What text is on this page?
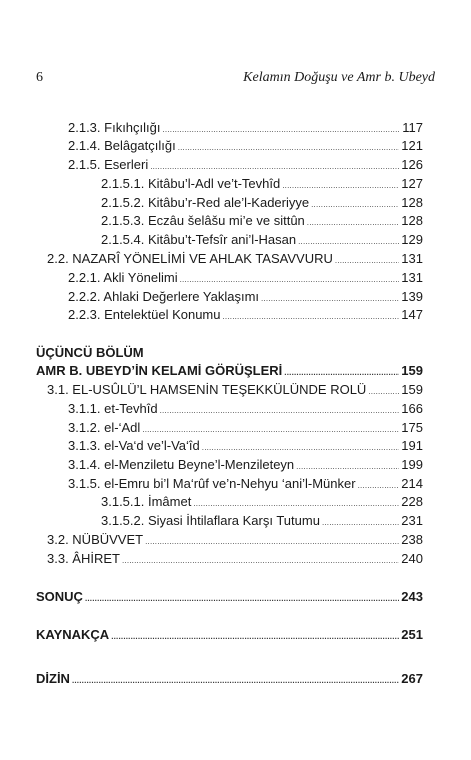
6	Kelamın Doğuşu ve Amr b. Ubeyd
2.1.3. Fıkıhçılığı .....	117
2.1.4. Belâgatçılığı .....	121
2.1.5. Eserleri .....	126
2.1.5.1. Kitâbu’l-Adl ve’t-Tevhîd .....	127
2.1.5.2. Kitâbu’r-Red ale’l-Kaderiyye .....	128
2.1.5.3. Eczâu šelâšu mi’e ve sittûn .....	128
2.1.5.4. Kitâbu’t-Tefsîr ani’l-Hasan .....	129
2.2. NAZARÎ YÖNELİMİ VE AHLAK TASAVVURU .....	131
2.2.1. Akli Yönelimi .....	131
2.2.2. Ahlaki Değerlere Yaklaşımı .....	139
2.2.3. Entelektüel Konumu .....	147
ÜÇÜNCÜ BÖLÜM
AMR B. UBEYD’İN KELAMİ GÖRÜŞLERİ .....	159
3.1. EL-USÛLÜ’L HAMSENİN TEŞEKKÜLÜNDE ROLÜ .....	159
3.1.1. et-Tevhîd .....	166
3.1.2. el-‘Adl .....	175
3.1.3. el-Va‘d ve’l-Va‘îd .....	191
3.1.4. el-Menziletu Beyne’l-Menzileteyn .....	199
3.1.5. el-Emru bi’l Ma‘rûf ve’n-Nehyu ‘ani’l-Münker .....	214
3.1.5.1. İmâmet .....	228
3.1.5.2. Siyasi İhtilaflara Karşı Tutumu .....	231
3.2. NÜBÜVVET .....	238
3.3. ÂHİRET .....	240
SONUÇ .....	243
KAYNAKÇA .....	251
DİZİN .....	267
